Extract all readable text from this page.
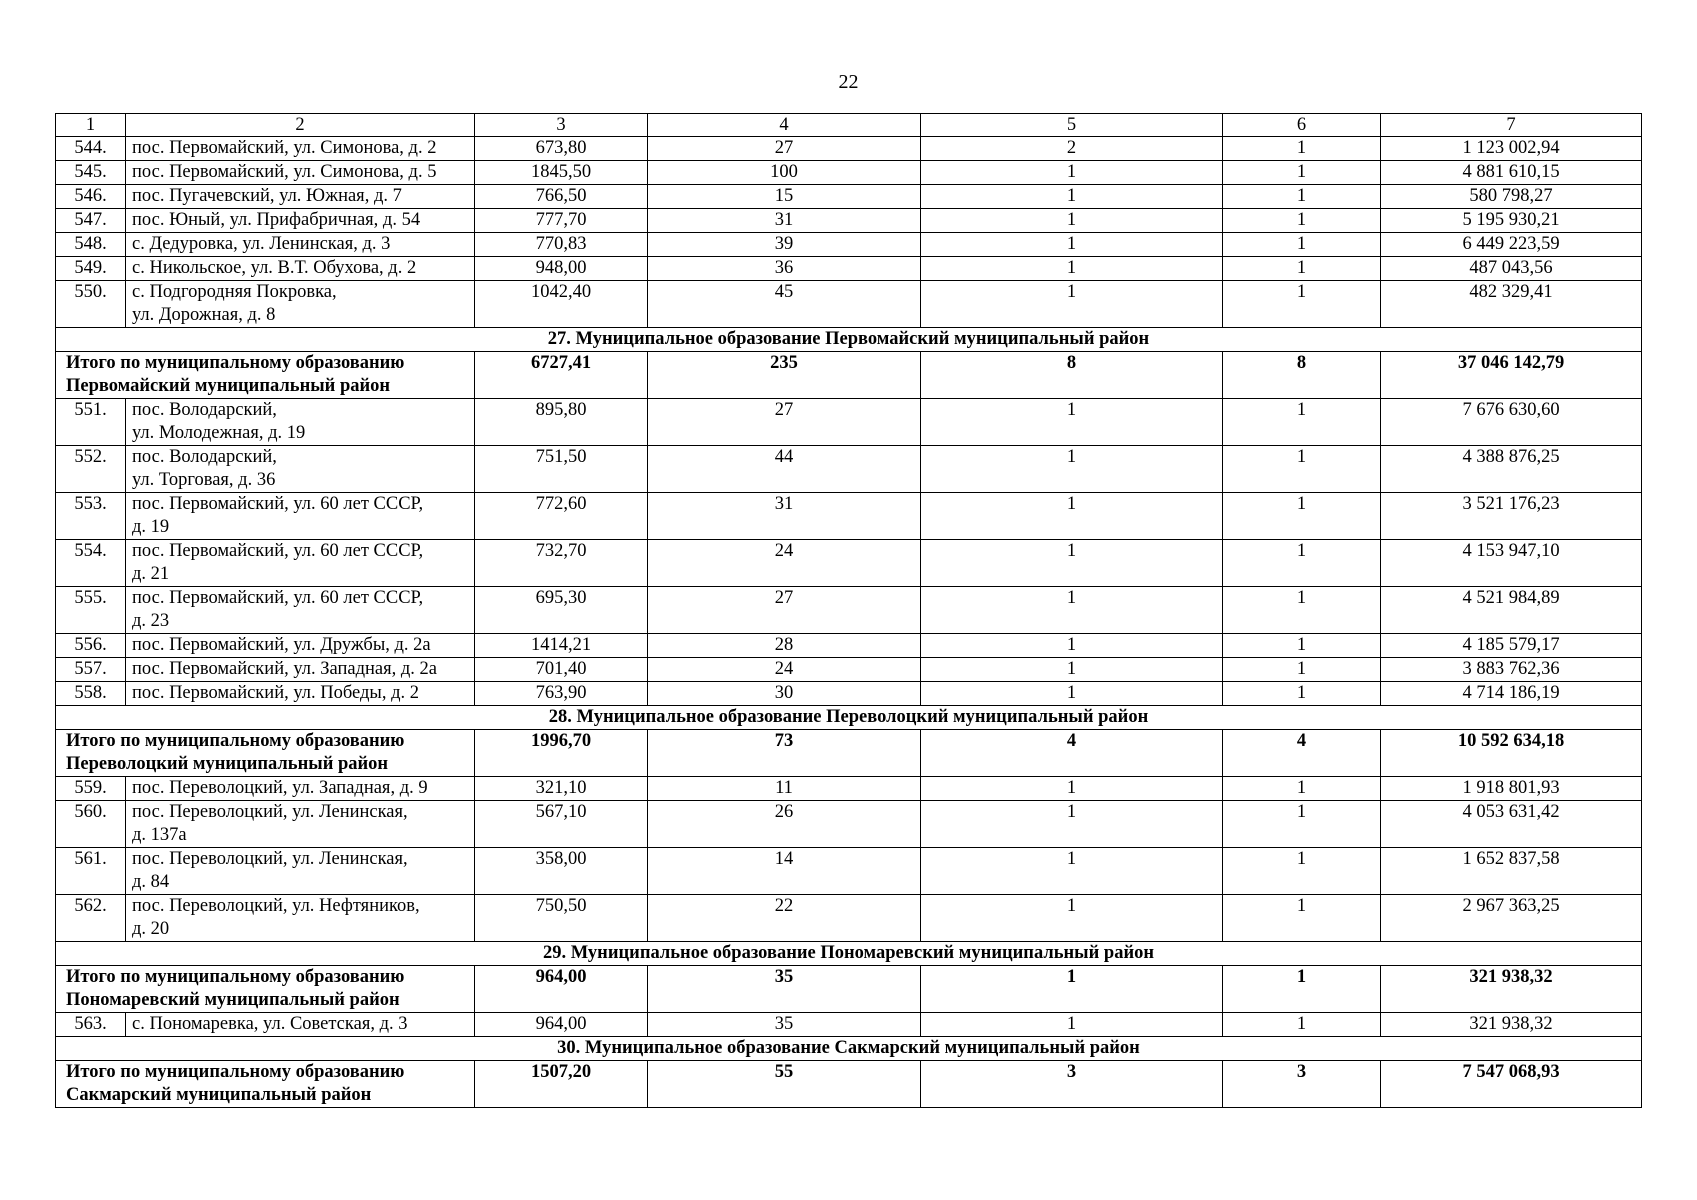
22
1	2	3	4	5	6	7
544.	пос. Первомайский, ул. Симонова, д. 2	673,80	27	2	1	1 123 002,94
545.	пос. Первомайский, ул. Симонова, д. 5	1845,50	100	1	1	4 881 610,15
546.	пос. Пугачевский, ул. Южная, д. 7	766,50	15	1	1	580 798,27
547.	пос. Юный, ул. Прифабричная, д. 54	777,70	31	1	1	5 195 930,21
548.	с. Дедуровка, ул. Ленинская, д. 3	770,83	39	1	1	6 449 223,59
549.	с. Никольское, ул. В.Т. Обухова, д. 2	948,00	36	1	1	487 043,56
550.	с. Подгородняя Покровка,
ул. Дорожная, д. 8	1042,40	45	1	1	482 329,41
27. Муниципальное образование Первомайский муниципальный район						
Итого по муниципальному образованию
Первомайский муниципальный район		6727,41	235	8	8	37 046 142,79
551.	пос. Володарский,
ул. Молодежная, д. 19	895,80	27	1	1	7 676 630,60
552.	пос. Володарский,
ул. Торговая, д. 36	751,50	44	1	1	4 388 876,25
553.	пос. Первомайский, ул. 60 лет СССР,
д. 19	772,60	31	1	1	3 521 176,23
554.	пос. Первомайский, ул. 60 лет СССР,
д. 21	732,70	24	1	1	4 153 947,10
555.	пос. Первомайский, ул. 60 лет СССР,
д. 23	695,30	27	1	1	4 521 984,89
556.	пос. Первомайский, ул. Дружбы, д. 2а	1414,21	28	1	1	4 185 579,17
557.	пос. Первомайский, ул. Западная, д. 2а	701,40	24	1	1	3 883 762,36
558.	пос. Первомайский, ул. Победы, д. 2	763,90	30	1	1	4 714 186,19
28. Муниципальное образование Переволоцкий муниципальный район						
Итого по муниципальному образованию
Переволоцкий муниципальный район		1996,70	73	4	4	10 592 634,18
559.	пос. Переволоцкий, ул. Западная, д. 9	321,10	11	1	1	1 918 801,93
560.	пос. Переволоцкий, ул. Ленинская,
д. 137а	567,10	26	1	1	4 053 631,42
561.	пос. Переволоцкий, ул. Ленинская,
д. 84	358,00	14	1	1	1 652 837,58
562.	пос. Переволоцкий, ул. Нефтяников,
д. 20	750,50	22	1	1	2 967 363,25
29. Муниципальное образование Пономаревский муниципальный район						
Итого по муниципальному образованию
Пономаревский муниципальный район		964,00	35	1	1	321 938,32
563.	с. Пономаревка, ул. Советская, д. 3	964,00	35	1	1	321 938,32
30. Муниципальное образование Сакмарский муниципальный район						
Итого по муниципальному образованию
Сакмарский муниципальный район		1507,20	55	3	3	7 547 068,93
